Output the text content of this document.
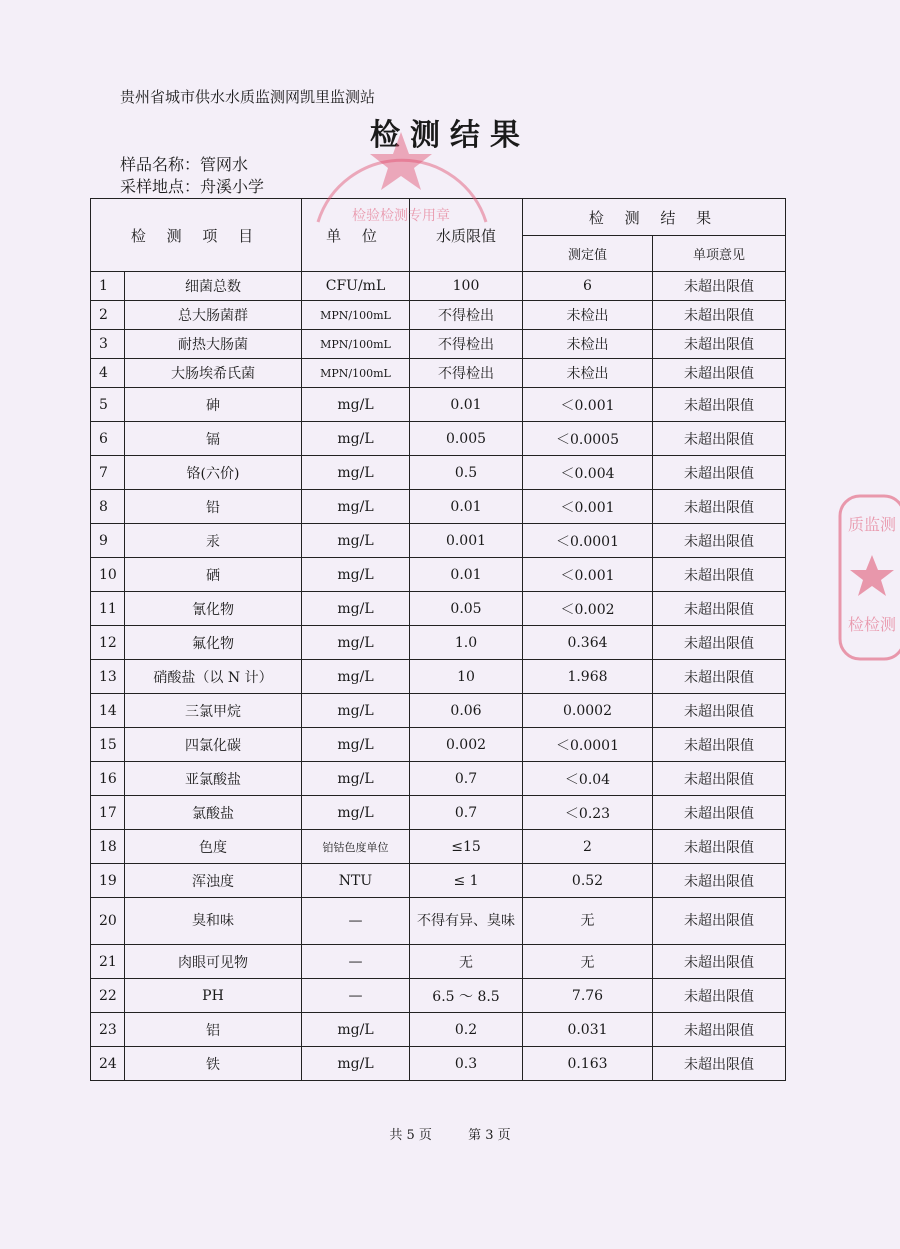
贵州省城市供水水质监测网凯里监测站
检测结果
样品名称：管网水
采样地点：舟溪小学
检 测 项 目		单 位	水质限值	检 测 结 果	
				测定值	单项意见
1	细菌总数	CFU/mL	100	6	未超出限值
2	总大肠菌群	MPN/100mL	不得检出	未检出	未超出限值
3	耐热大肠菌	MPN/100mL	不得检出	未检出	未超出限值
4	大肠埃希氏菌	MPN/100mL	不得检出	未检出	未超出限值
5	砷	mg/L	0.01	＜0.001	未超出限值
6	镉	mg/L	0.005	＜0.0005	未超出限值
7	铬(六价)	mg/L	0.5	＜0.004	未超出限值
8	铅	mg/L	0.01	＜0.001	未超出限值
9	汞	mg/L	0.001	＜0.0001	未超出限值
10	硒	mg/L	0.01	＜0.001	未超出限值
11	氰化物	mg/L	0.05	＜0.002	未超出限值
12	氟化物	mg/L	1.0	0.364	未超出限值
13	硝酸盐（以 N 计）	mg/L	10	1.968	未超出限值
14	三氯甲烷	mg/L	0.06	0.0002	未超出限值
15	四氯化碳	mg/L	0.002	＜0.0001	未超出限值
16	亚氯酸盐	mg/L	0.7	＜0.04	未超出限值
17	氯酸盐	mg/L	0.7	＜0.23	未超出限值
18	色度	铂钴色度单位	≤15	2	未超出限值
19	浑浊度	NTU	≤ 1	0.52	未超出限值
20	臭和味	—	不得有异、臭味	无	未超出限值
21	肉眼可见物	—	无	无	未超出限值
22	PH	—	6.5 ～ 8.5	7.76	未超出限值
23	铝	mg/L	0.2	0.031	未超出限值
24	铁	mg/L	0.3	0.163	未超出限值
共 5 页	第 3 页
检验检测专用章
质监测
检检测
